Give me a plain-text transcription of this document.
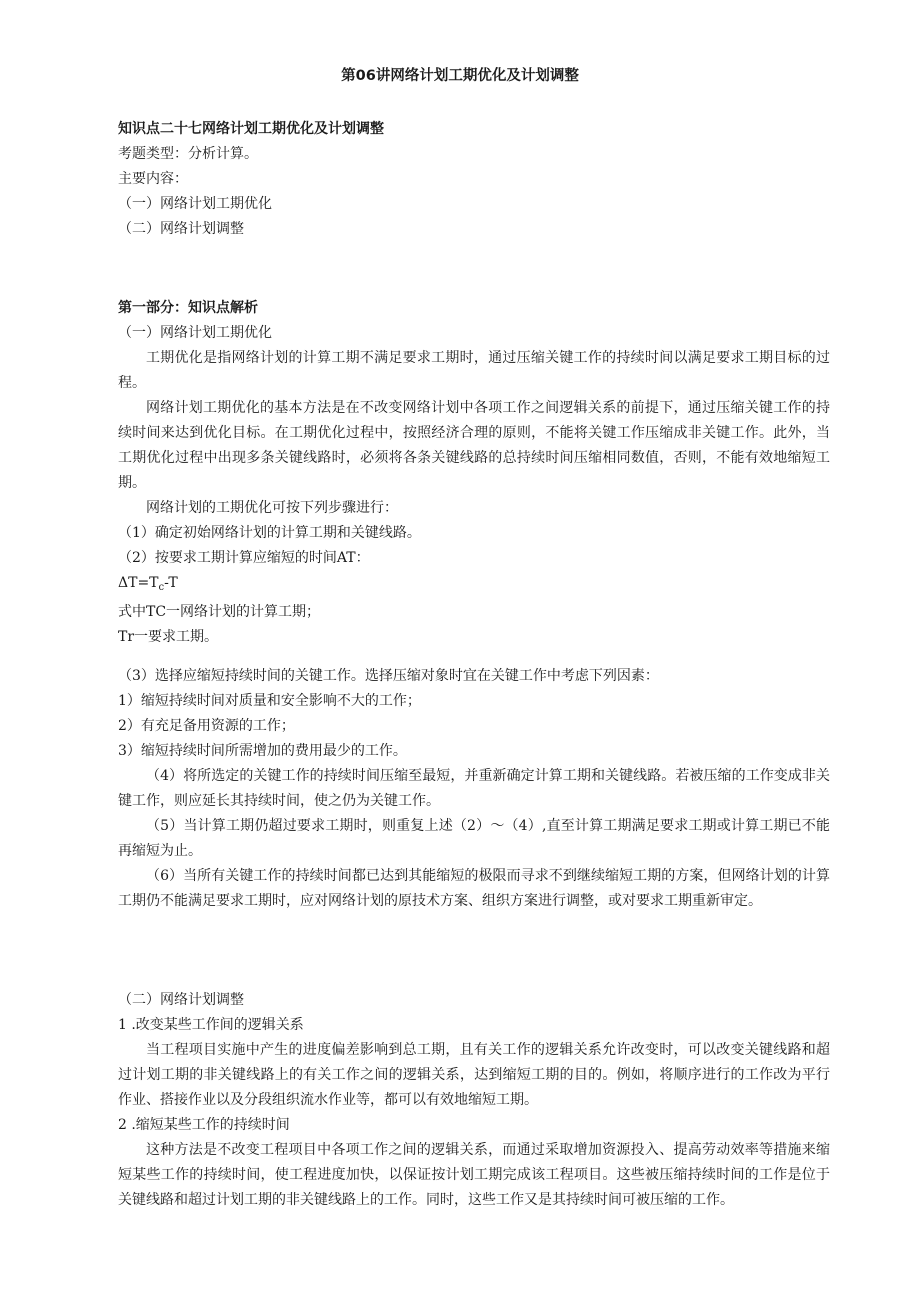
第06讲网络计划工期优化及计划调整

知识点二十七网络计划工期优化及计划调整

考题类型：分析计算。

主要内容：

（一）网络计划工期优化

（二）网络计划调整

第一部分：知识点解析

（一）网络计划工期优化

工期优化是指网络计划的计算工期不满足要求工期时，通过压缩关键工作的持续时间以满足要求工期目标的过程。

网络计划工期优化的基本方法是在不改变网络计划中各项工作之间逻辑关系的前提下，通过压缩关键工作的持续时间来达到优化目标。在工期优化过程中，按照经济合理的原则，不能将关键工作压缩成非关键工作。此外，当工期优化过程中出现多条关键线路时，必须将各条关键线路的总持续时间压缩相同数值，否则，不能有效地缩短工期。

网络计划的工期优化可按下列步骤进行：

（1）确定初始网络计划的计算工期和关键线路。

（2）按要求工期计算应缩短的时间AT：

$\Delta T=T_c-T$

式中TC一网络计划的计算工期；

Tr一要求工期。

（3）选择应缩短持续时间的关键工作。选择压缩对象时宜在关键工作中考虑下列因素：

1）缩短持续时间对质量和安全影响不大的工作；

2）有充足备用资源的工作；

3）缩短持续时间所需增加的费用最少的工作。

（4）将所选定的关键工作的持续时间压缩至最短，并重新确定计算工期和关键线路。若被压缩的工作变成非关键工作，则应延长其持续时间，使之仍为关键工作。

（5）当计算工期仍超过要求工期时，则重复上述（2）～（4）,直至计算工期满足要求工期或计算工期已不能再缩短为止。

（6）当所有关键工作的持续时间都已达到其能缩短的极限而寻求不到继续缩短工期的方案，但网络计划的计算工期仍不能满足要求工期时，应对网络计划的原技术方案、组织方案进行调整，或对要求工期重新审定。

（二）网络计划调整

1 .改变某些工作间的逻辑关系

当工程项目实施中产生的进度偏差影响到总工期，且有关工作的逻辑关系允许改变时，可以改变关键线路和超过计划工期的非关键线路上的有关工作之间的逻辑关系，达到缩短工期的目的。例如，将顺序进行的工作改为平行作业、搭接作业以及分段组织流水作业等，都可以有效地缩短工期。

2 .缩短某些工作的持续时间

这种方法是不改变工程项目中各项工作之间的逻辑关系，而通过采取增加资源投入、提高劳动效率等措施来缩短某些工作的持续时间，使工程进度加快，以保证按计划工期完成该工程项目。这些被压缩持续时间的工作是位于关键线路和超过计划工期的非关键线路上的工作。同时，这些工作又是其持续时间可被压缩的工作。
